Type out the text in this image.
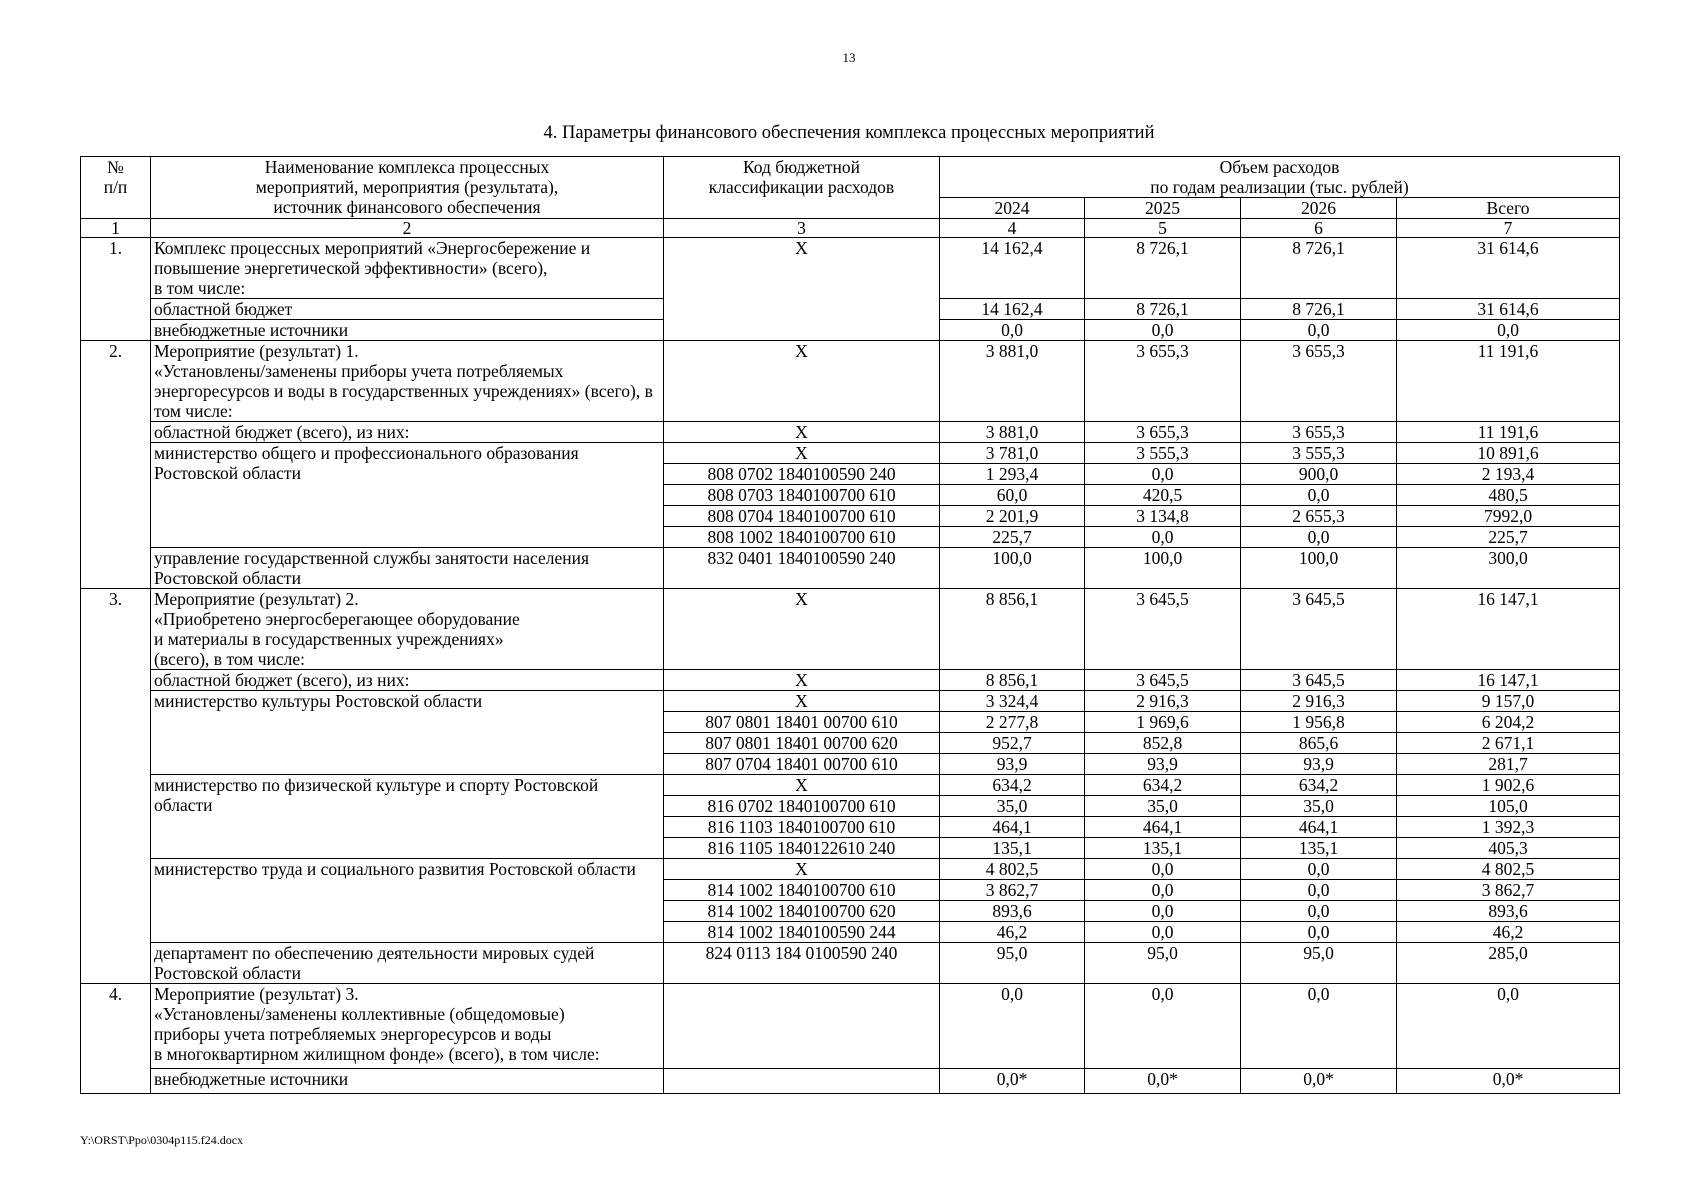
13
4. Параметры финансового обеспечения комплекса процессных мероприятий
№
п/п	Наименование комплекса процессных
мероприятий, мероприятия (результата),
источник финансового обеспечения	Код бюджетной
классификации расходов	Объем расходов
по годам реализации (тыс. рублей)			

			2024	2025	2026	Всего
1	2	3	4	5	6	7
1.	Комплекс процессных мероприятий «Энергосбережение и повышение энергетической эффективности» (всего),
в том числе:	X	14 162,4	8 726,1	8 726,1	31 614,6
	областной бюджет		14 162,4	8 726,1	8 726,1	31 614,6
	внебюджетные источники		0,0	0,0	0,0	0,0
2.	Мероприятие (результат) 1.
«Установлены/заменены приборы учета потребляемых энергоресурсов и воды в государственных учреждениях» (всего), в том числе:	X	3 881,0	3 655,3	3 655,3	11 191,6
	областной бюджет (всего), из них:	X	3 881,0	3 655,3	3 655,3	11 191,6
	министерство общего и профессионального образования Ростовской области	X	3 781,0	3 555,3	3 555,3	10 891,6
		808 0702 1840100590 240	1 293,4	0,0	900,0	2 193,4
		808 0703 1840100700 610	60,0	420,5	0,0	480,5
		808 0704 1840100700 610	2 201,9	3 134,8	2 655,3	7992,0
		808 1002 1840100700 610	225,7	0,0	0,0	225,7
	управление государственной службы занятости населения Ростовской области	832 0401 1840100590 240	100,0	100,0	100,0	300,0
3.	Мероприятие (результат) 2.
«Приобретено энергосберегающее оборудование
и материалы в государственных учреждениях»
(всего), в том числе:	X	8 856,1	3 645,5	3 645,5	16 147,1
	областной бюджет (всего), из них:	X	8 856,1	3 645,5	3 645,5	16 147,1
	министерство культуры Ростовской области	X	3 324,4	2 916,3	2 916,3	9 157,0
		807 0801 18401 00700 610	2 277,8	1 969,6	1 956,8	6 204,2
		807 0801 18401 00700 620	952,7	852,8	865,6	2 671,1
		807 0704 18401 00700 610	93,9	93,9	93,9	281,7
	министерство по физической культуре и спорту Ростовской области	X	634,2	634,2	634,2	1 902,6
		816 0702 1840100700 610	35,0	35,0	35,0	105,0
		816 1103 1840100700 610	464,1	464,1	464,1	1 392,3
		816 1105 1840122610 240	135,1	135,1	135,1	405,3
	министерство труда и социального развития Ростовской области	X	4 802,5	0,0	0,0	4 802,5
		814 1002 1840100700 610	3 862,7	0,0	0,0	3 862,7
		814 1002 1840100700 620	893,6	0,0	0,0	893,6
		814 1002 1840100590 244	46,2	0,0	0,0	46,2
	департамент по обеспечению деятельности мировых судей Ростовской области	824 0113 184 0100590 240	95,0	95,0	95,0	285,0
4.	Мероприятие (результат) 3.
«Установлены/заменены коллективные (общедомовые)
приборы учета потребляемых энергоресурсов и воды
в многоквартирном жилищном фонде» (всего), в том числе:		0,0	0,0	0,0	0,0
	внебюджетные источники		0,0*	0,0*	0,0*	0,0*
Y:\ORST\Ppo\0304p115.f24.docx
